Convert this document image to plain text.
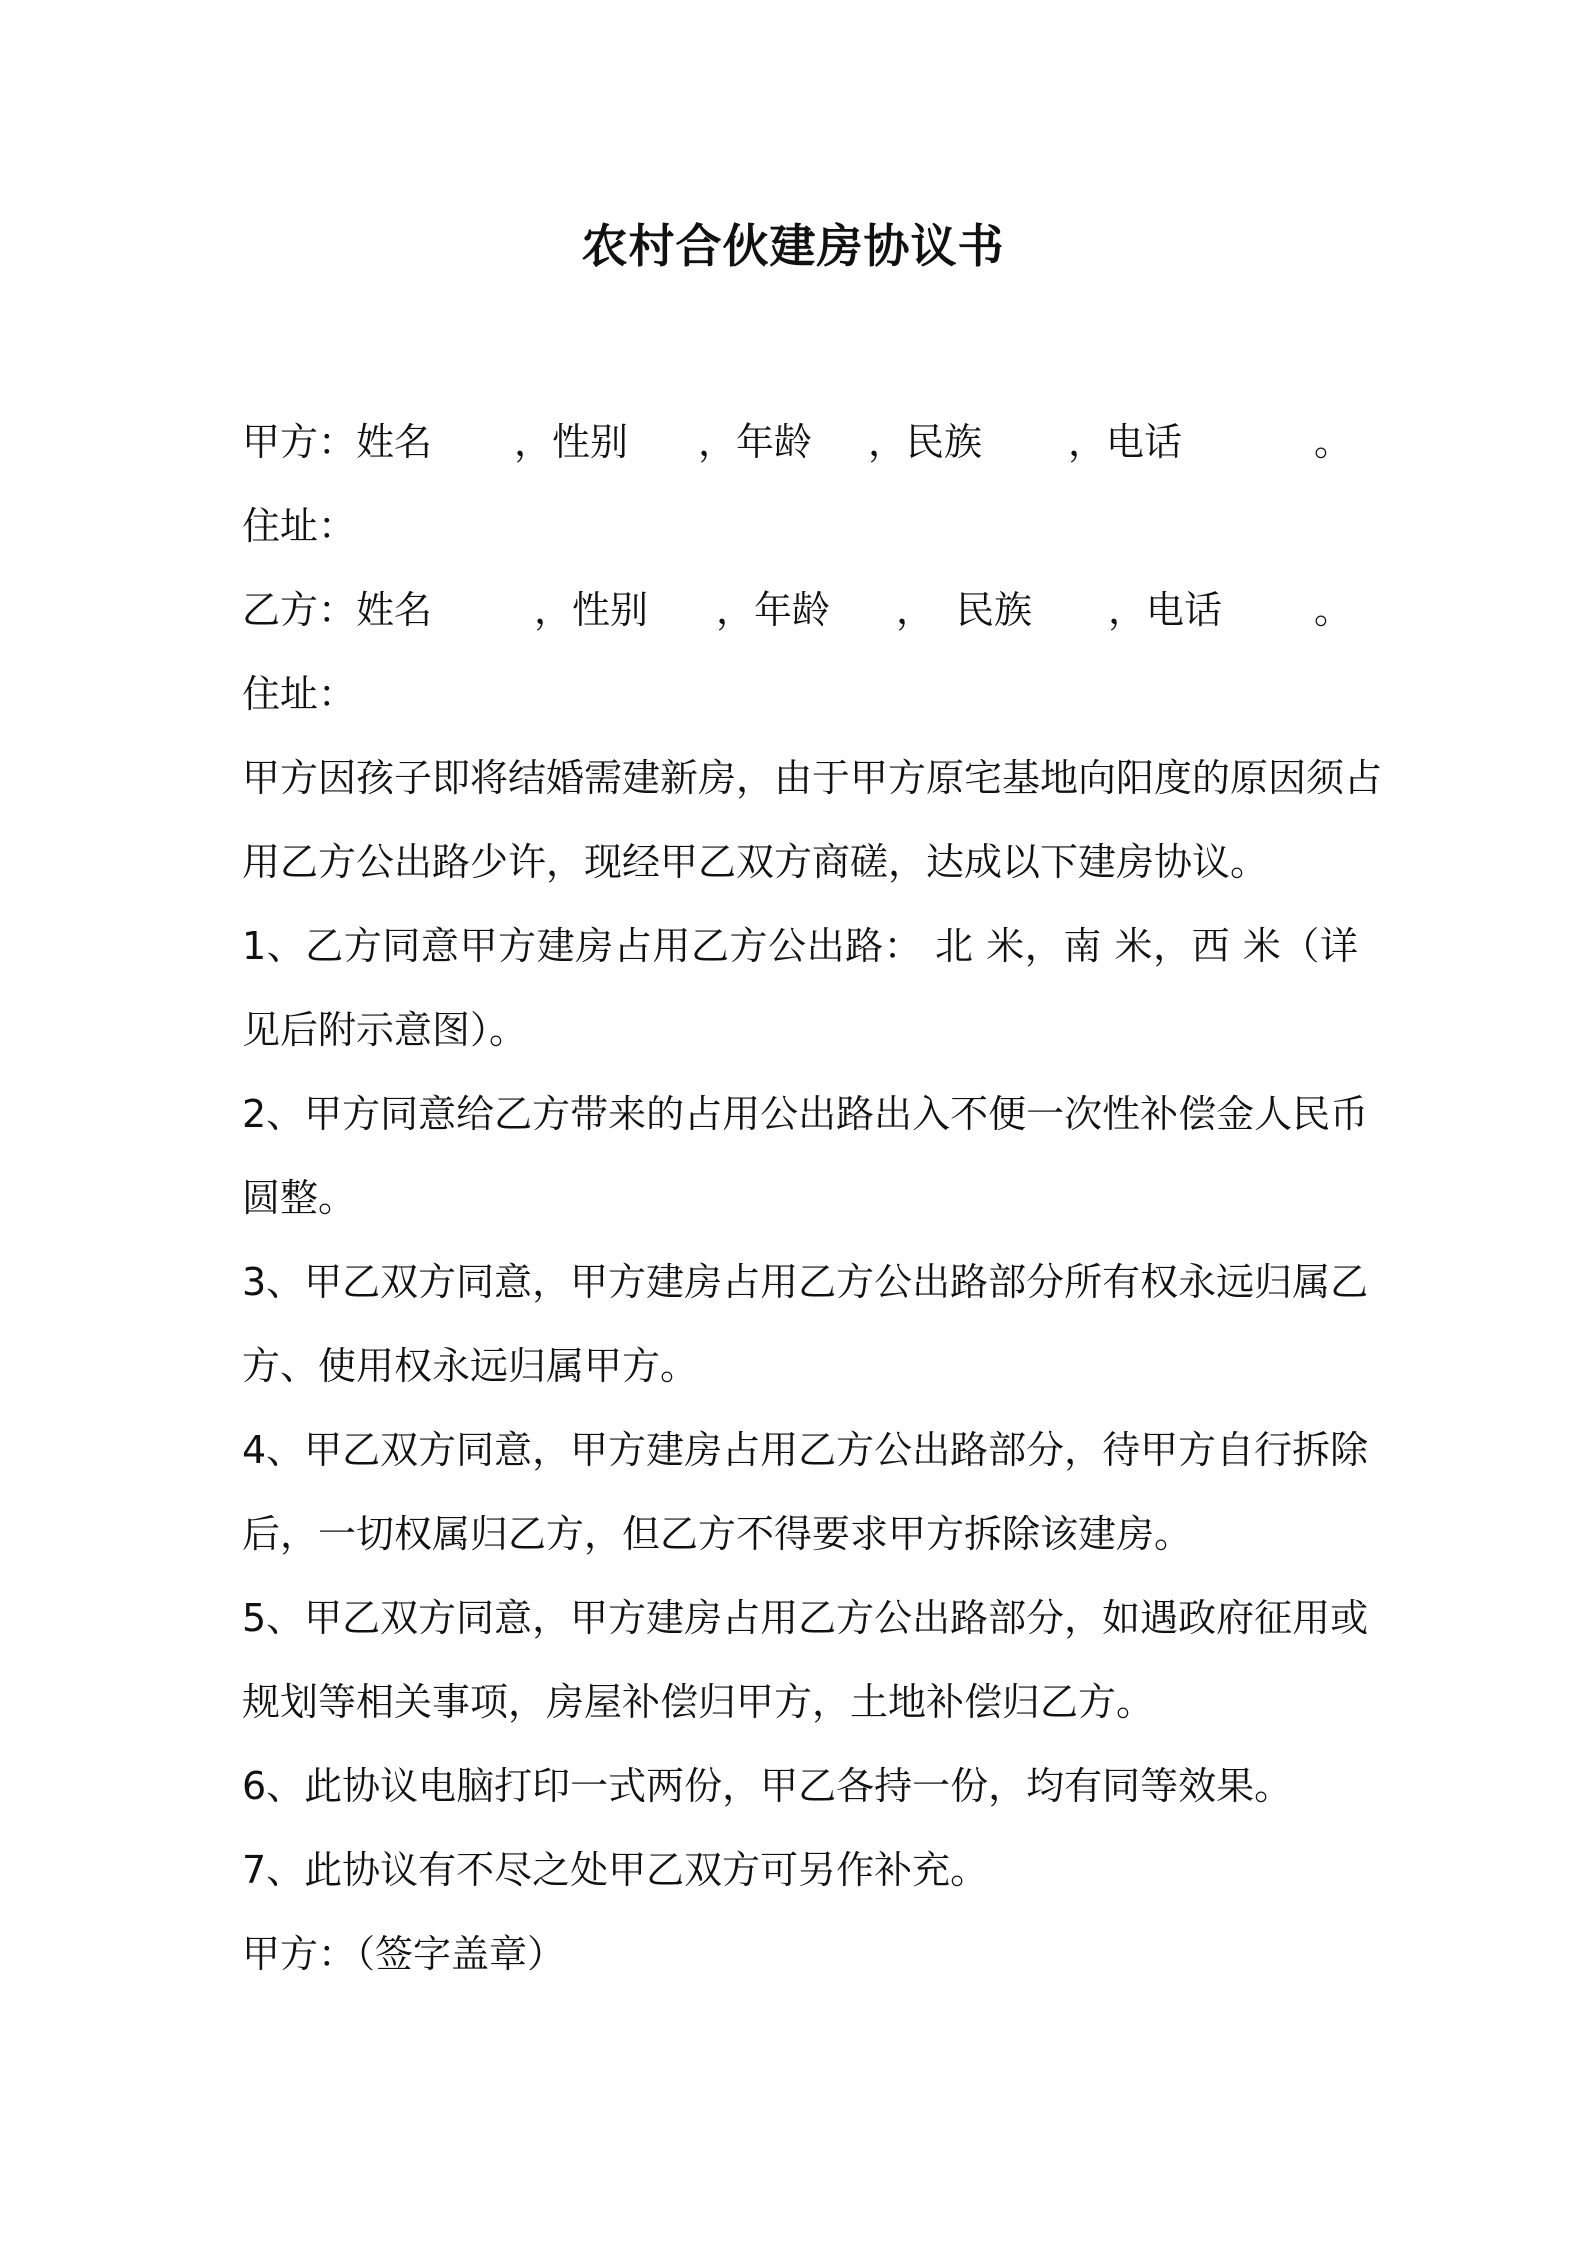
农村合伙建房协议书
甲方：姓名 ，性别 ，年龄 ，民族 ，电话	。
住址：
乙方：姓名	，性别 ，年龄 ， 民族 ，电话 。
住址：
甲方因孩子即将结婚需建新房，由于甲方原宅基地向阳度的原因须占
用乙方公出路少许，现经甲乙双方商磋，达成以下建房协议。
1、乙方同意甲方建房占用乙方公出路： 北 米，南 米，西 米（详
见后附示意图）。
2、甲方同意给乙方带来的占用公出路出入不便一次性补偿金人民币
圆整。
3、甲乙双方同意，甲方建房占用乙方公出路部分所有权永远归属乙
方、使用权永远归属甲方。
4、甲乙双方同意，甲方建房占用乙方公出路部分，待甲方自行拆除
后，一切权属归乙方，但乙方不得要求甲方拆除该建房。
5、甲乙双方同意，甲方建房占用乙方公出路部分，如遇政府征用或
规划等相关事项，房屋补偿归甲方，土地补偿归乙方。
6、此协议电脑打印一式两份，甲乙各持一份，均有同等效果。
7、此协议有不尽之处甲乙双方可另作补充。
甲方：（签字盖章）
